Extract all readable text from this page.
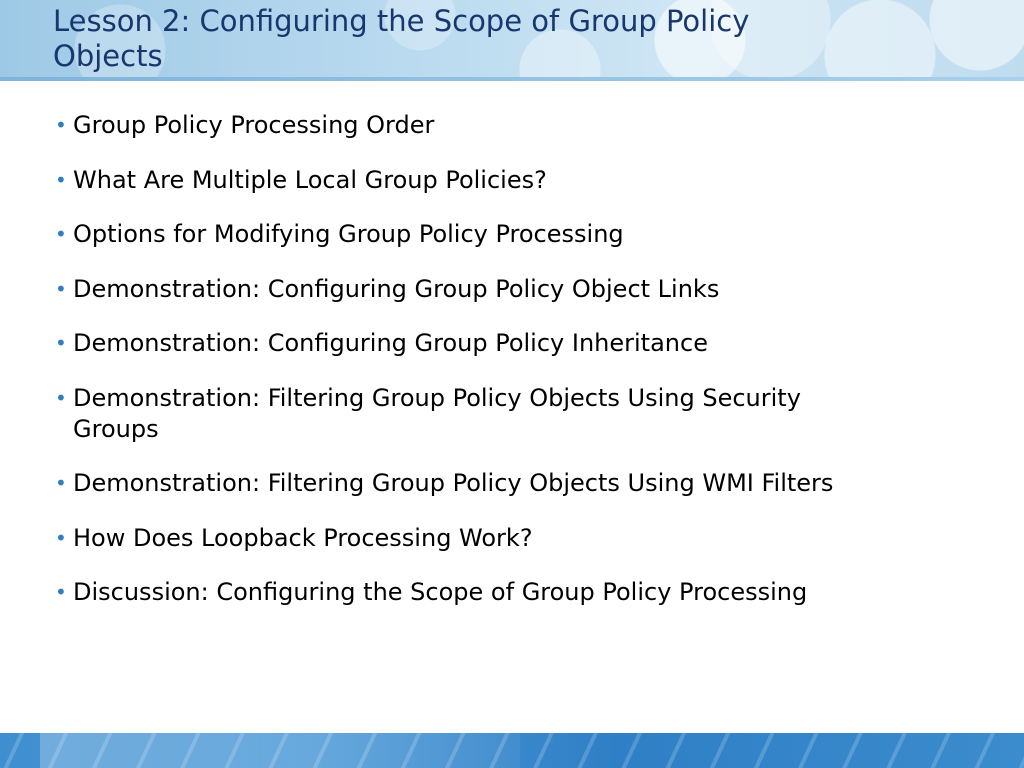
Lesson 2: Configuring the Scope of Group Policy Objects
• Group Policy Processing Order
• What Are Multiple Local Group Policies?
• Options for Modifying Group Policy Processing
• Demonstration: Configuring Group Policy Object Links
• Demonstration: Configuring Group Policy Inheritance
• Demonstration: Filtering Group Policy Objects Using Security Groups
• Demonstration: Filtering Group Policy Objects Using WMI Filters
• How Does Loopback Processing Work?
• Discussion: Configuring the Scope of Group Policy Processing
